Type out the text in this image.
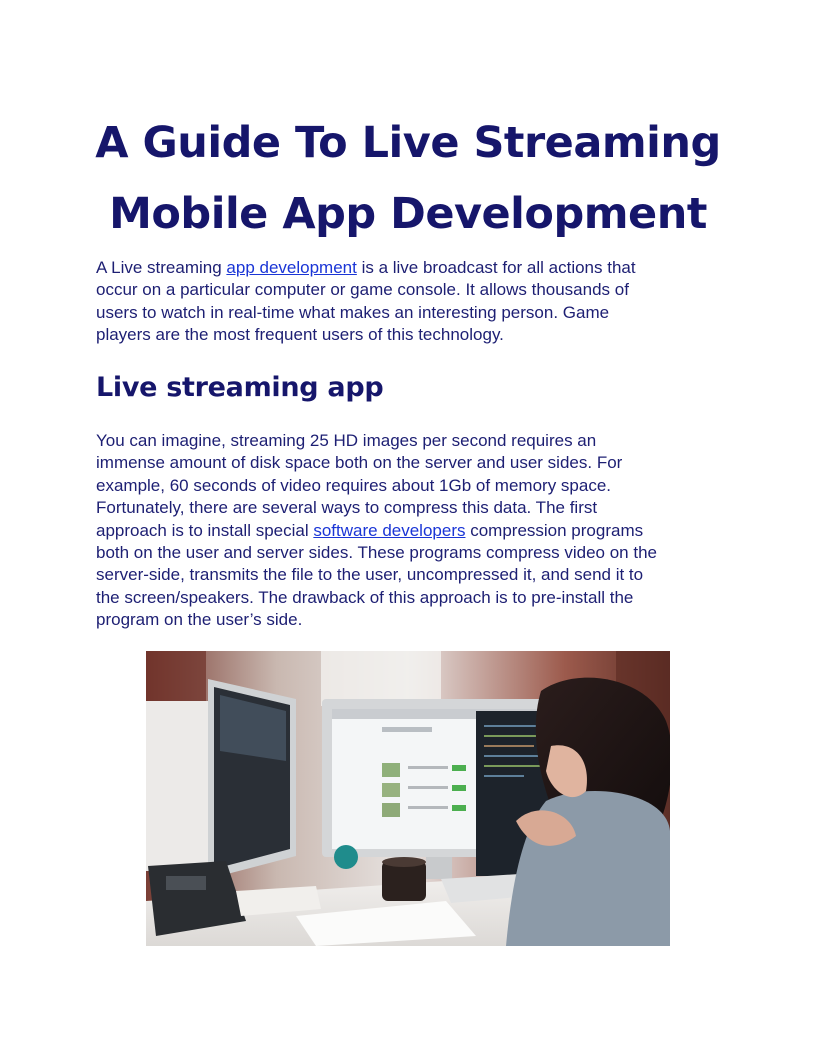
A Guide To Live Streaming
Mobile App Development

A Live streaming app development is a live broadcast for all actions that
occur on a particular computer or game console. It allows thousands of
users to watch in real-time what makes an interesting person. Game
players are the most frequent users of this technology.

Live streaming app

You can imagine, streaming 25 HD images per second requires an
immense amount of disk space both on the server and user sides. For
example, 60 seconds of video requires about 1Gb of memory space.
Fortunately, there are several ways to compress this data. The first
approach is to install special software developers compression programs
both on the user and server sides. These programs compress video on the
server-side, transmits the file to the user, uncompressed it, and send it to
the screen/speakers. The drawback of this approach is to pre-install the
program on the user’s side.
